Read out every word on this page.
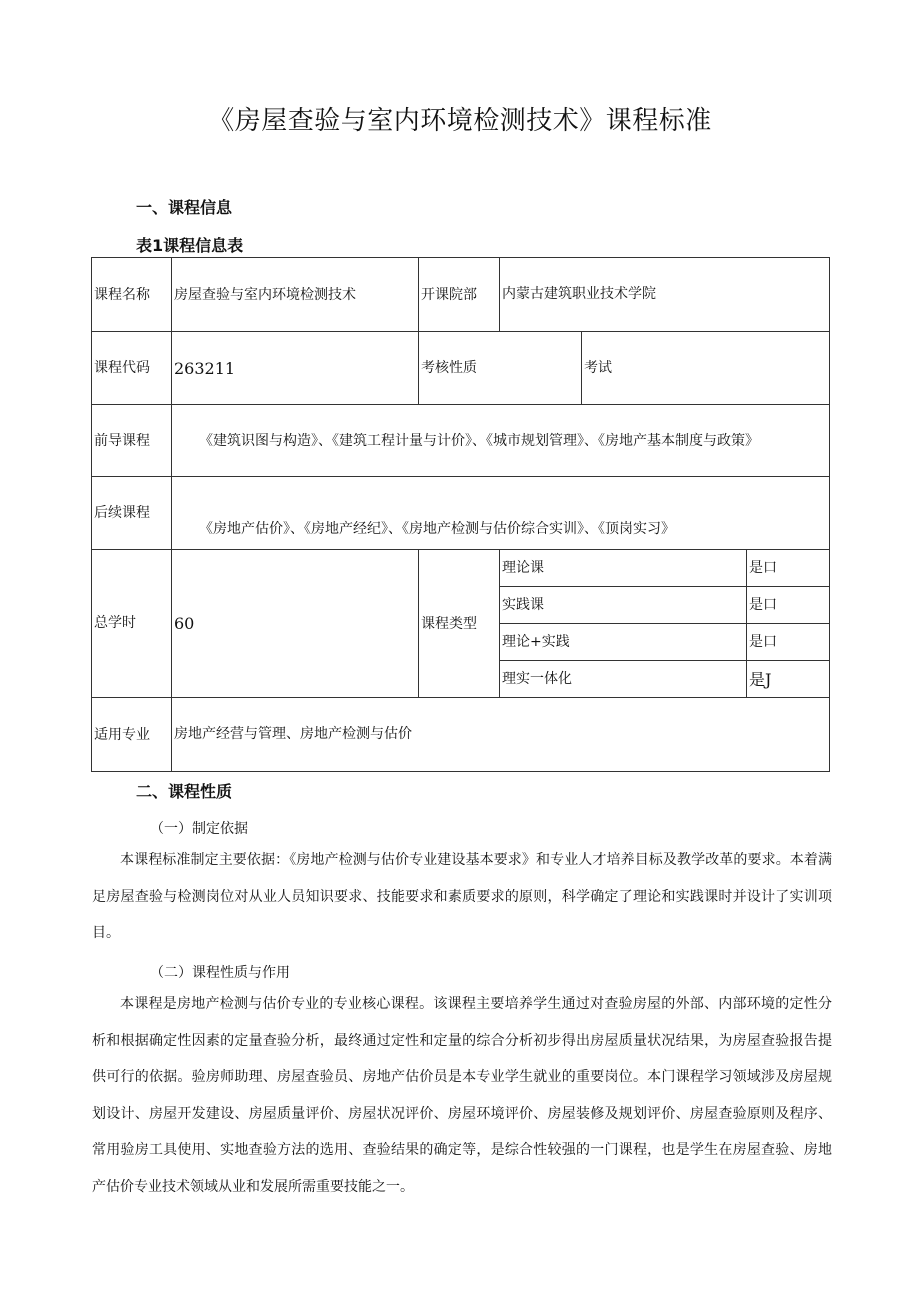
《房屋查验与室内环境检测技术》课程标准
一、课程信息
表1课程信息表
课程名称	房屋查验与室内环境检测技术	开课院部	内蒙古建筑职业技术学院		
课程代码	263211	考核性质		考试	
前导课程	《建筑识图与构造》、《建筑工程计量与计价》、《城市规划管理》、《房地产基本制度与政策》				
后续课程	《房地产估价》、《房地产经纪》、《房地产检测与估价综合实训》、《顶岗实习》				
总学时	60	课程类型	理论课		是口
			实践课		是口
			理论+实践		是口
			理实一体化		是J
适用专业	房地产经营与管理、房地产检测与估价				
二、课程性质
（一）制定依据

本课程标准制定主要依据：《房地产检测与估价专业建设基本要求》和专业人才培养目标及教学改革的要求。本着满足房屋查验与检测岗位对从业人员知识要求、技能要求和素质要求的原则，科学确定了理论和实践课时并设计了实训项目。

（二）课程性质与作用

本课程是房地产检测与估价专业的专业核心课程。该课程主要培养学生通过对查验房屋的外部、内部环境的定性分析和根据确定性因素的定量查验分析，最终通过定性和定量的综合分析初步得出房屋质量状况结果，为房屋查验报告提供可行的依据。验房师助理、房屋查验员、房地产估价员是本专业学生就业的重要岗位。本门课程学习领域涉及房屋规划设计、房屋开发建设、房屋质量评价、房屋状况评价、房屋环境评价、房屋装修及规划评价、房屋查验原则及程序、常用验房工具使用、实地查验方法的选用、查验结果的确定等，是综合性较强的一门课程，也是学生在房屋查验、房地产估价专业技术领域从业和发展所需重要技能之一。
